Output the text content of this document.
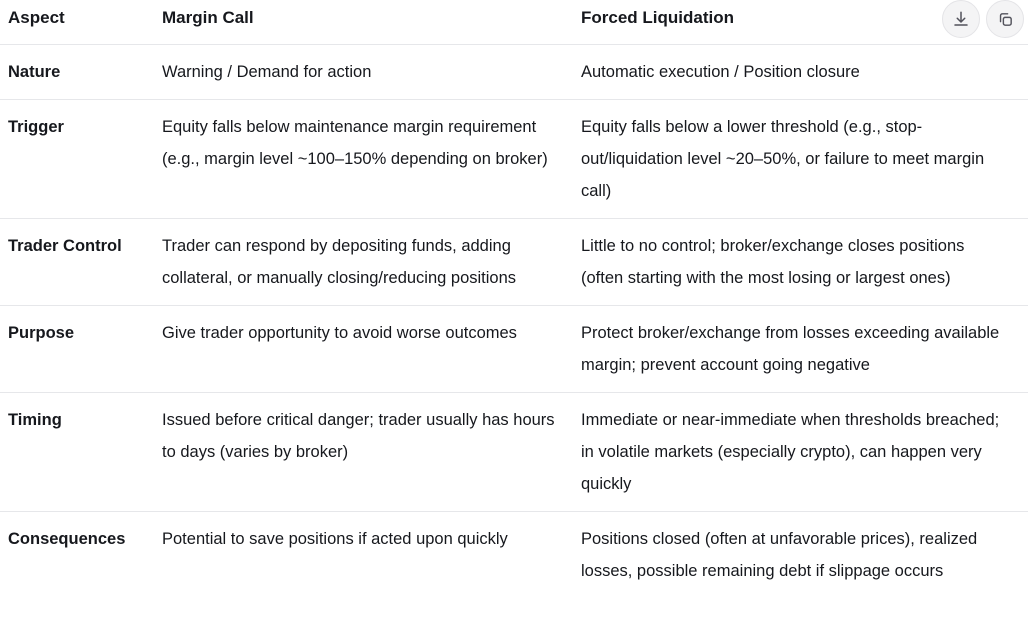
Aspect	Margin Call	Forced Liquidation
Nature	Warning / Demand for action	Automatic execution / Position closure
Trigger	Equity falls below maintenance margin requirement (e.g., margin level ~100–150% depending on broker)	Equity falls below a lower threshold (e.g., stop-out/liquidation level ~20–50%, or failure to meet margin call)
Trader Control	Trader can respond by depositing funds, adding collateral, or manually closing/reducing positions	Little to no control; broker/exchange closes positions (often starting with the most losing or largest ones)
Purpose	Give trader opportunity to avoid worse outcomes	Protect broker/exchange from losses exceeding available margin; prevent account going negative
Timing	Issued before critical danger; trader usually has hours to days (varies by broker)	Immediate or near-immediate when thresholds breached; in volatile markets (especially crypto), can happen very quickly
Consequences	Potential to save positions if acted upon quickly	Positions closed (often at unfavorable prices), realized losses, possible remaining debt if slippage occurs
